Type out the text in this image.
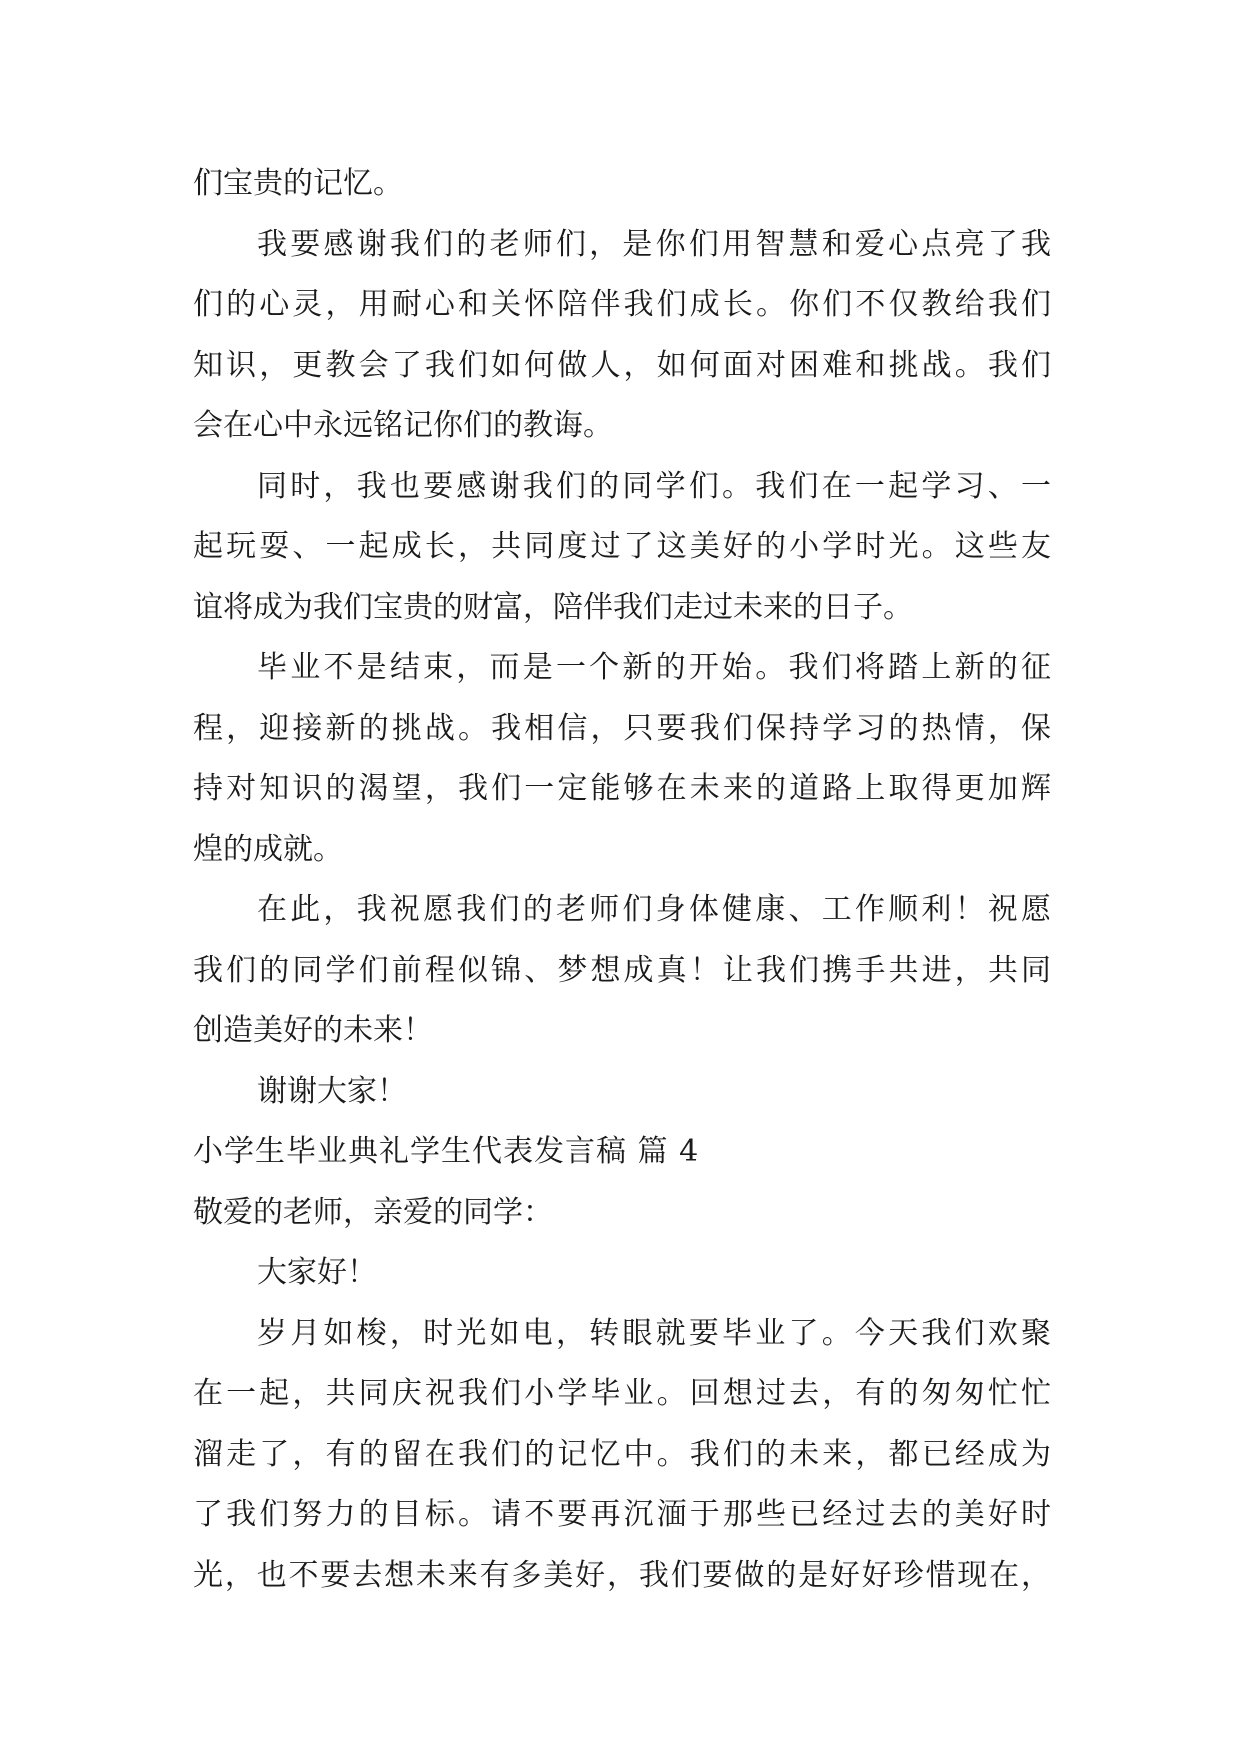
们宝贵的记忆。
我要感谢我们的老师们，是你们用智慧和爱心点亮了我
们的心灵，用耐心和关怀陪伴我们成长。你们不仅教给我们
知识，更教会了我们如何做人，如何面对困难和挑战。我们
会在心中永远铭记你们的教诲。
同时，我也要感谢我们的同学们。我们在一起学习、一
起玩耍、一起成长，共同度过了这美好的小学时光。这些友
谊将成为我们宝贵的财富，陪伴我们走过未来的日子。
毕业不是结束，而是一个新的开始。我们将踏上新的征
程，迎接新的挑战。我相信，只要我们保持学习的热情，保
持对知识的渴望，我们一定能够在未来的道路上取得更加辉
煌的成就。
在此，我祝愿我们的老师们身体健康、工作顺利！祝愿
我们的同学们前程似锦、梦想成真！让我们携手共进，共同
创造美好的未来！
谢谢大家！
小学生毕业典礼学生代表发言稿 篇 4
敬爱的老师，亲爱的同学：
大家好！
岁月如梭，时光如电，转眼就要毕业了。今天我们欢聚
在一起，共同庆祝我们小学毕业。回想过去，有的匆匆忙忙
溜走了，有的留在我们的记忆中。我们的未来，都已经成为
了我们努力的目标。请不要再沉湎于那些已经过去的美好时
光，也不要去想未来有多美好，我们要做的是好好珍惜现在，
